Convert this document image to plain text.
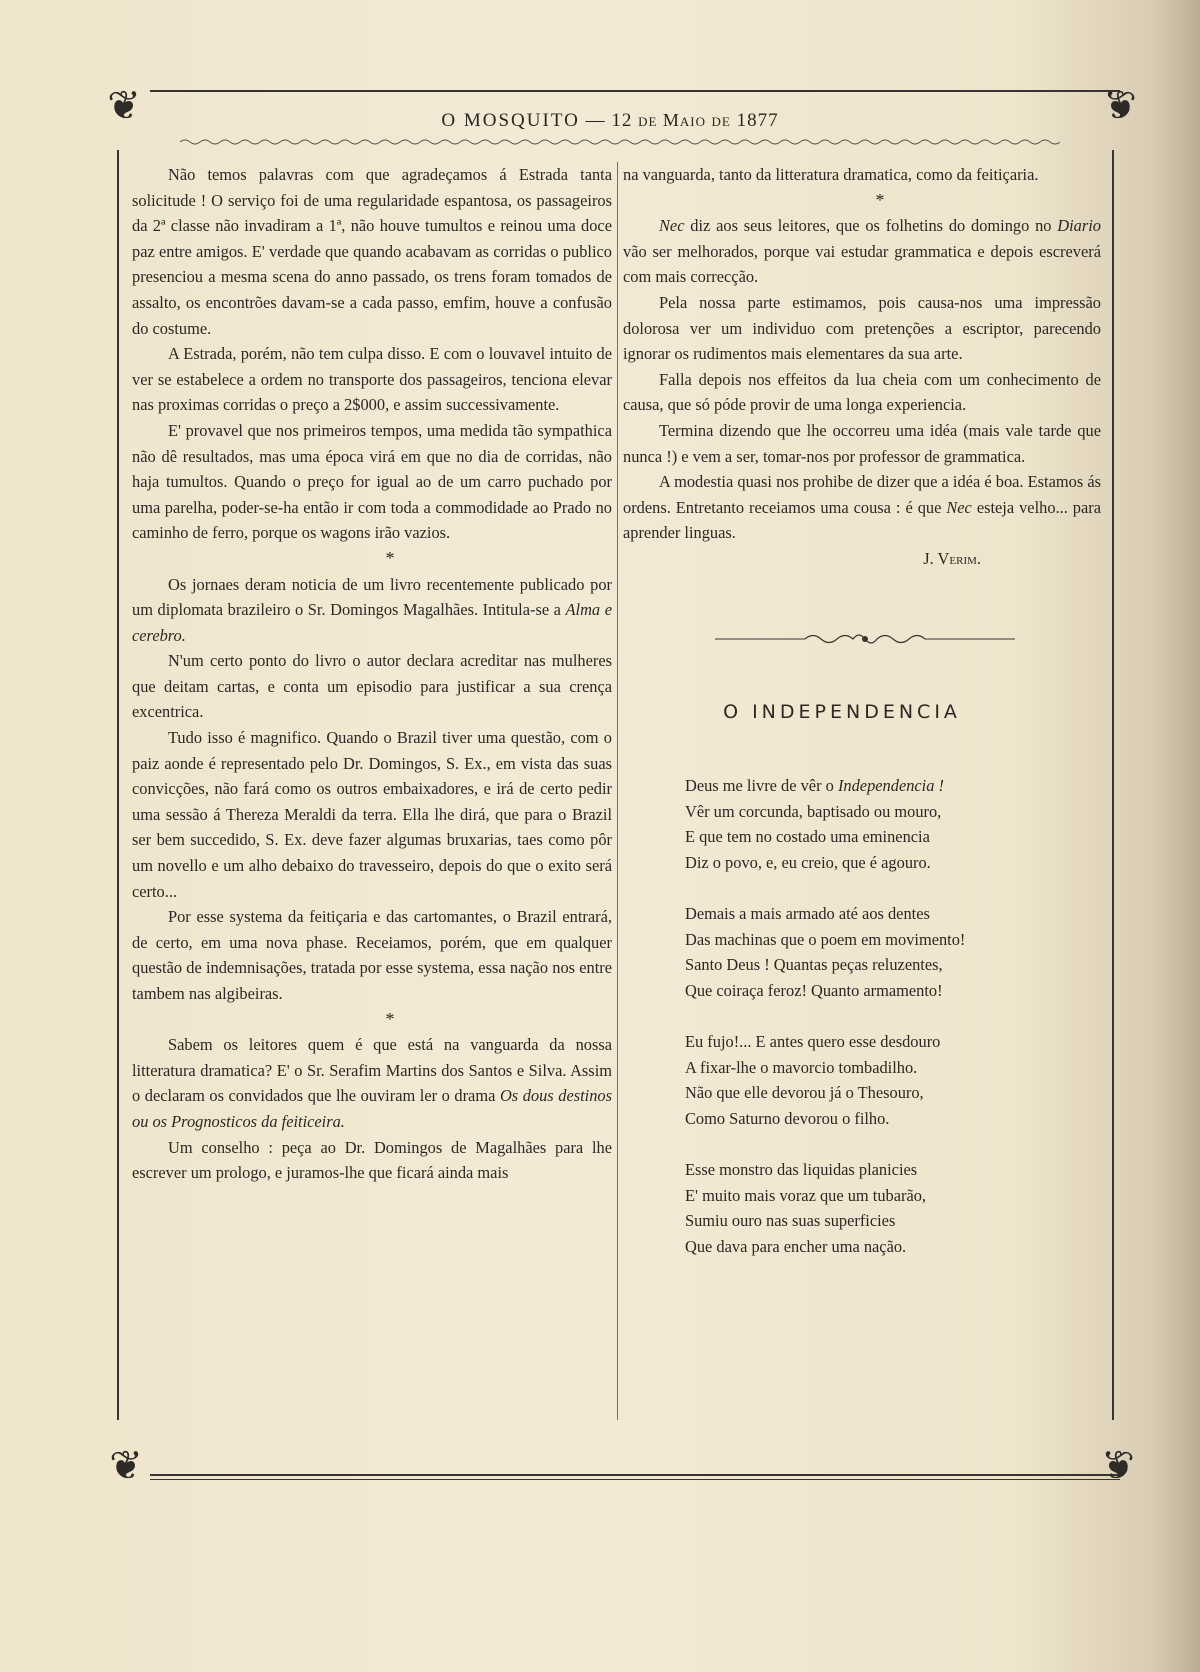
❦	❦
❦	❦
O MOSQUITO — 12 de Maio de 1877

Não temos palavras com que agradeçamos á Estrada tanta solicitude ! O serviço foi de uma regularidade espantosa, os passageiros da 2ª classe não invadiram a 1ª, não houve tumultos e reinou uma doce paz entre amigos. E' verdade que quando acabavam as corridas o publico presenciou a mesma scena do anno passado, os trens foram tomados de assalto, os encontrões davam-se a cada passo, emfim, houve a confusão do costume.

A Estrada, porém, não tem culpa disso. E com o louvavel intuito de ver se estabelece a ordem no transporte dos passageiros, tenciona elevar nas proximas corridas o preço a 2$000, e assim successivamente.

E' provavel que nos primeiros tempos, uma medida tão sympathica não dê resultados, mas uma época virá em que no dia de corridas, não haja tumultos. Quando o preço for igual ao de um carro puchado por uma parelha, poder-se-ha então ir com toda a commodidade ao Prado no caminho de ferro, porque os wagons irão vazios.

*

Os jornaes deram noticia de um livro recentemente publicado por um diplomata brazileiro o Sr. Domingos Magalhães. Intitula-se a Alma e cerebro.

N'um certo ponto do livro o autor declara acreditar nas mulheres que deitam cartas, e conta um episodio para justificar a sua crença excentrica.

Tudo isso é magnifico. Quando o Brazil tiver uma questão, com o paiz aonde é representado pelo Dr. Domingos, S. Ex., em vista das suas convicções, não fará como os outros embaixadores, e irá de certo pedir uma sessão á Thereza Meraldi da terra. Ella lhe dirá, que para o Brazil ser bem succedido, S. Ex. deve fazer algumas bruxarias, taes como pôr um novello e um alho debaixo do travesseiro, depois do que o exito será certo...

Por esse systema da feitiçaria e das cartomantes, o Brazil entrará, de certo, em uma nova phase. Receiamos, porém, que em qualquer questão de indemnisações, tratada por esse systema, essa nação nos entre tambem nas algibeiras.

*

Sabem os leitores quem é que está na vanguarda da nossa litteratura dramatica? E' o Sr. Serafim Martins dos Santos e Silva. Assim o declaram os convidados que lhe ouviram ler o drama Os dous destinos ou os Prognosticos da feiticeira.

Um conselho : peça ao Dr. Domingos de Magalhães para lhe escrever um prologo, e juramos-lhe que ficará ainda mais

na vanguarda, tanto da litteratura dramatica, como da feitiçaria.

*

Nec diz aos seus leitores, que os folhetins do domingo no Diario vão ser melhorados, porque vai estudar grammatica e depois escreverá com mais correcção.

Pela nossa parte estimamos, pois causa-nos uma impressão dolorosa ver um individuo com pretenções a escriptor, parecendo ignorar os rudimentos mais elementares da sua arte.

Falla depois nos effeitos da lua cheia com um conhecimento de causa, que só póde provir de uma longa experiencia.

Termina dizendo que lhe occorreu uma idéa (mais vale tarde que nunca !) e vem a ser, tomar-nos por professor de grammatica.

A modestia quasi nos prohibe de dizer que a idéa é boa. Estamos ás ordens. Entretanto receiamos uma cousa : é que Nec esteja velho... para aprender linguas.

J. Verim.

O INDEPENDENCIA
Deus me livre de vêr o Independencia !
Vêr um corcunda, baptisado ou mouro,
E que tem no costado uma eminencia
Diz o povo, e, eu creio, que é agouro.
Demais a mais armado até aos dentes
Das machinas que o poem em movimento!
Santo Deus ! Quantas peças reluzentes,
Que coiraça feroz! Quanto armamento!
Eu fujo!... E antes quero esse desdouro
A fixar-lhe o mavorcio tombadilho.
Não que elle devorou já o Thesouro,
Como Saturno devorou o filho.
Esse monstro das liquidas planicies
E' muito mais voraz que um tubarão,
Sumiu ouro nas suas superficies
Que dava para encher uma nação.
